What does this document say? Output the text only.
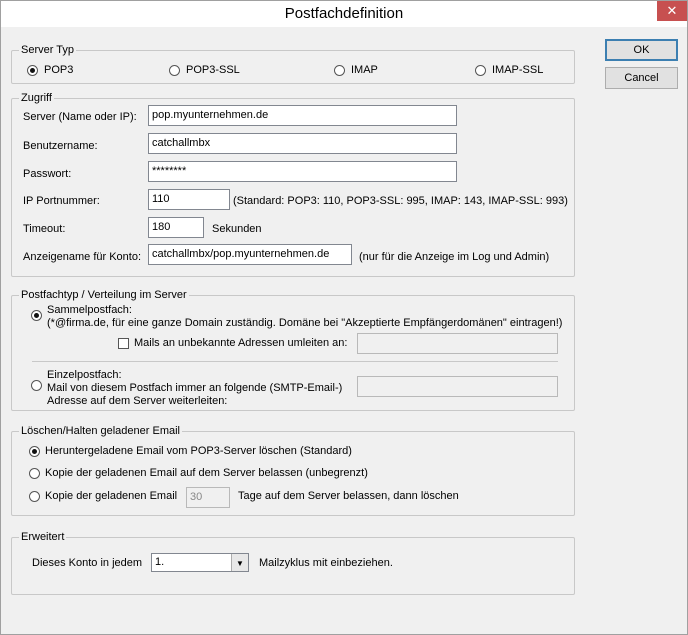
Postfachdefinition	✕
OK
Cancel
Server Typ
POP3	POP3-SSL	IMAP	IMAP-SSL
Zugriff
Server (Name oder IP):	pop.myunternehmen.de
Benutzername:	catchallmbx
Passwort:	********
IP Portnummer:	110	(Standard: POP3: 110, POP3-SSL: 995, IMAP: 143, IMAP-SSL: 993)
Timeout:	180	Sekunden
Anzeigename für Konto: catchallmbx/pop.myunternehmen.de	(nur für die Anzeige im Log und Admin)
Postfachtyp / Verteilung im Server
Sammelpostfach:
(*@firma.de, für eine ganze Domain zuständig. Domäne bei "Akzeptierte Empfängerdomänen" eintragen!)
Mails an unbekannte Adressen umleiten an:
Einzelpostfach:
Mail von diesem Postfach immer an folgende (SMTP-Email-)
Adresse auf dem Server weiterleiten:
Löschen/Halten geladener Email
Heruntergeladene Email vom POP3-Server löschen (Standard)
Kopie der geladenen Email auf dem Server belassen (unbegrenzt)
Kopie der geladenen Email	30	Tage auf dem Server belassen, dann löschen
Erweitert
Dieses Konto in jedem	1.	▼	Mailzyklus mit einbeziehen.
